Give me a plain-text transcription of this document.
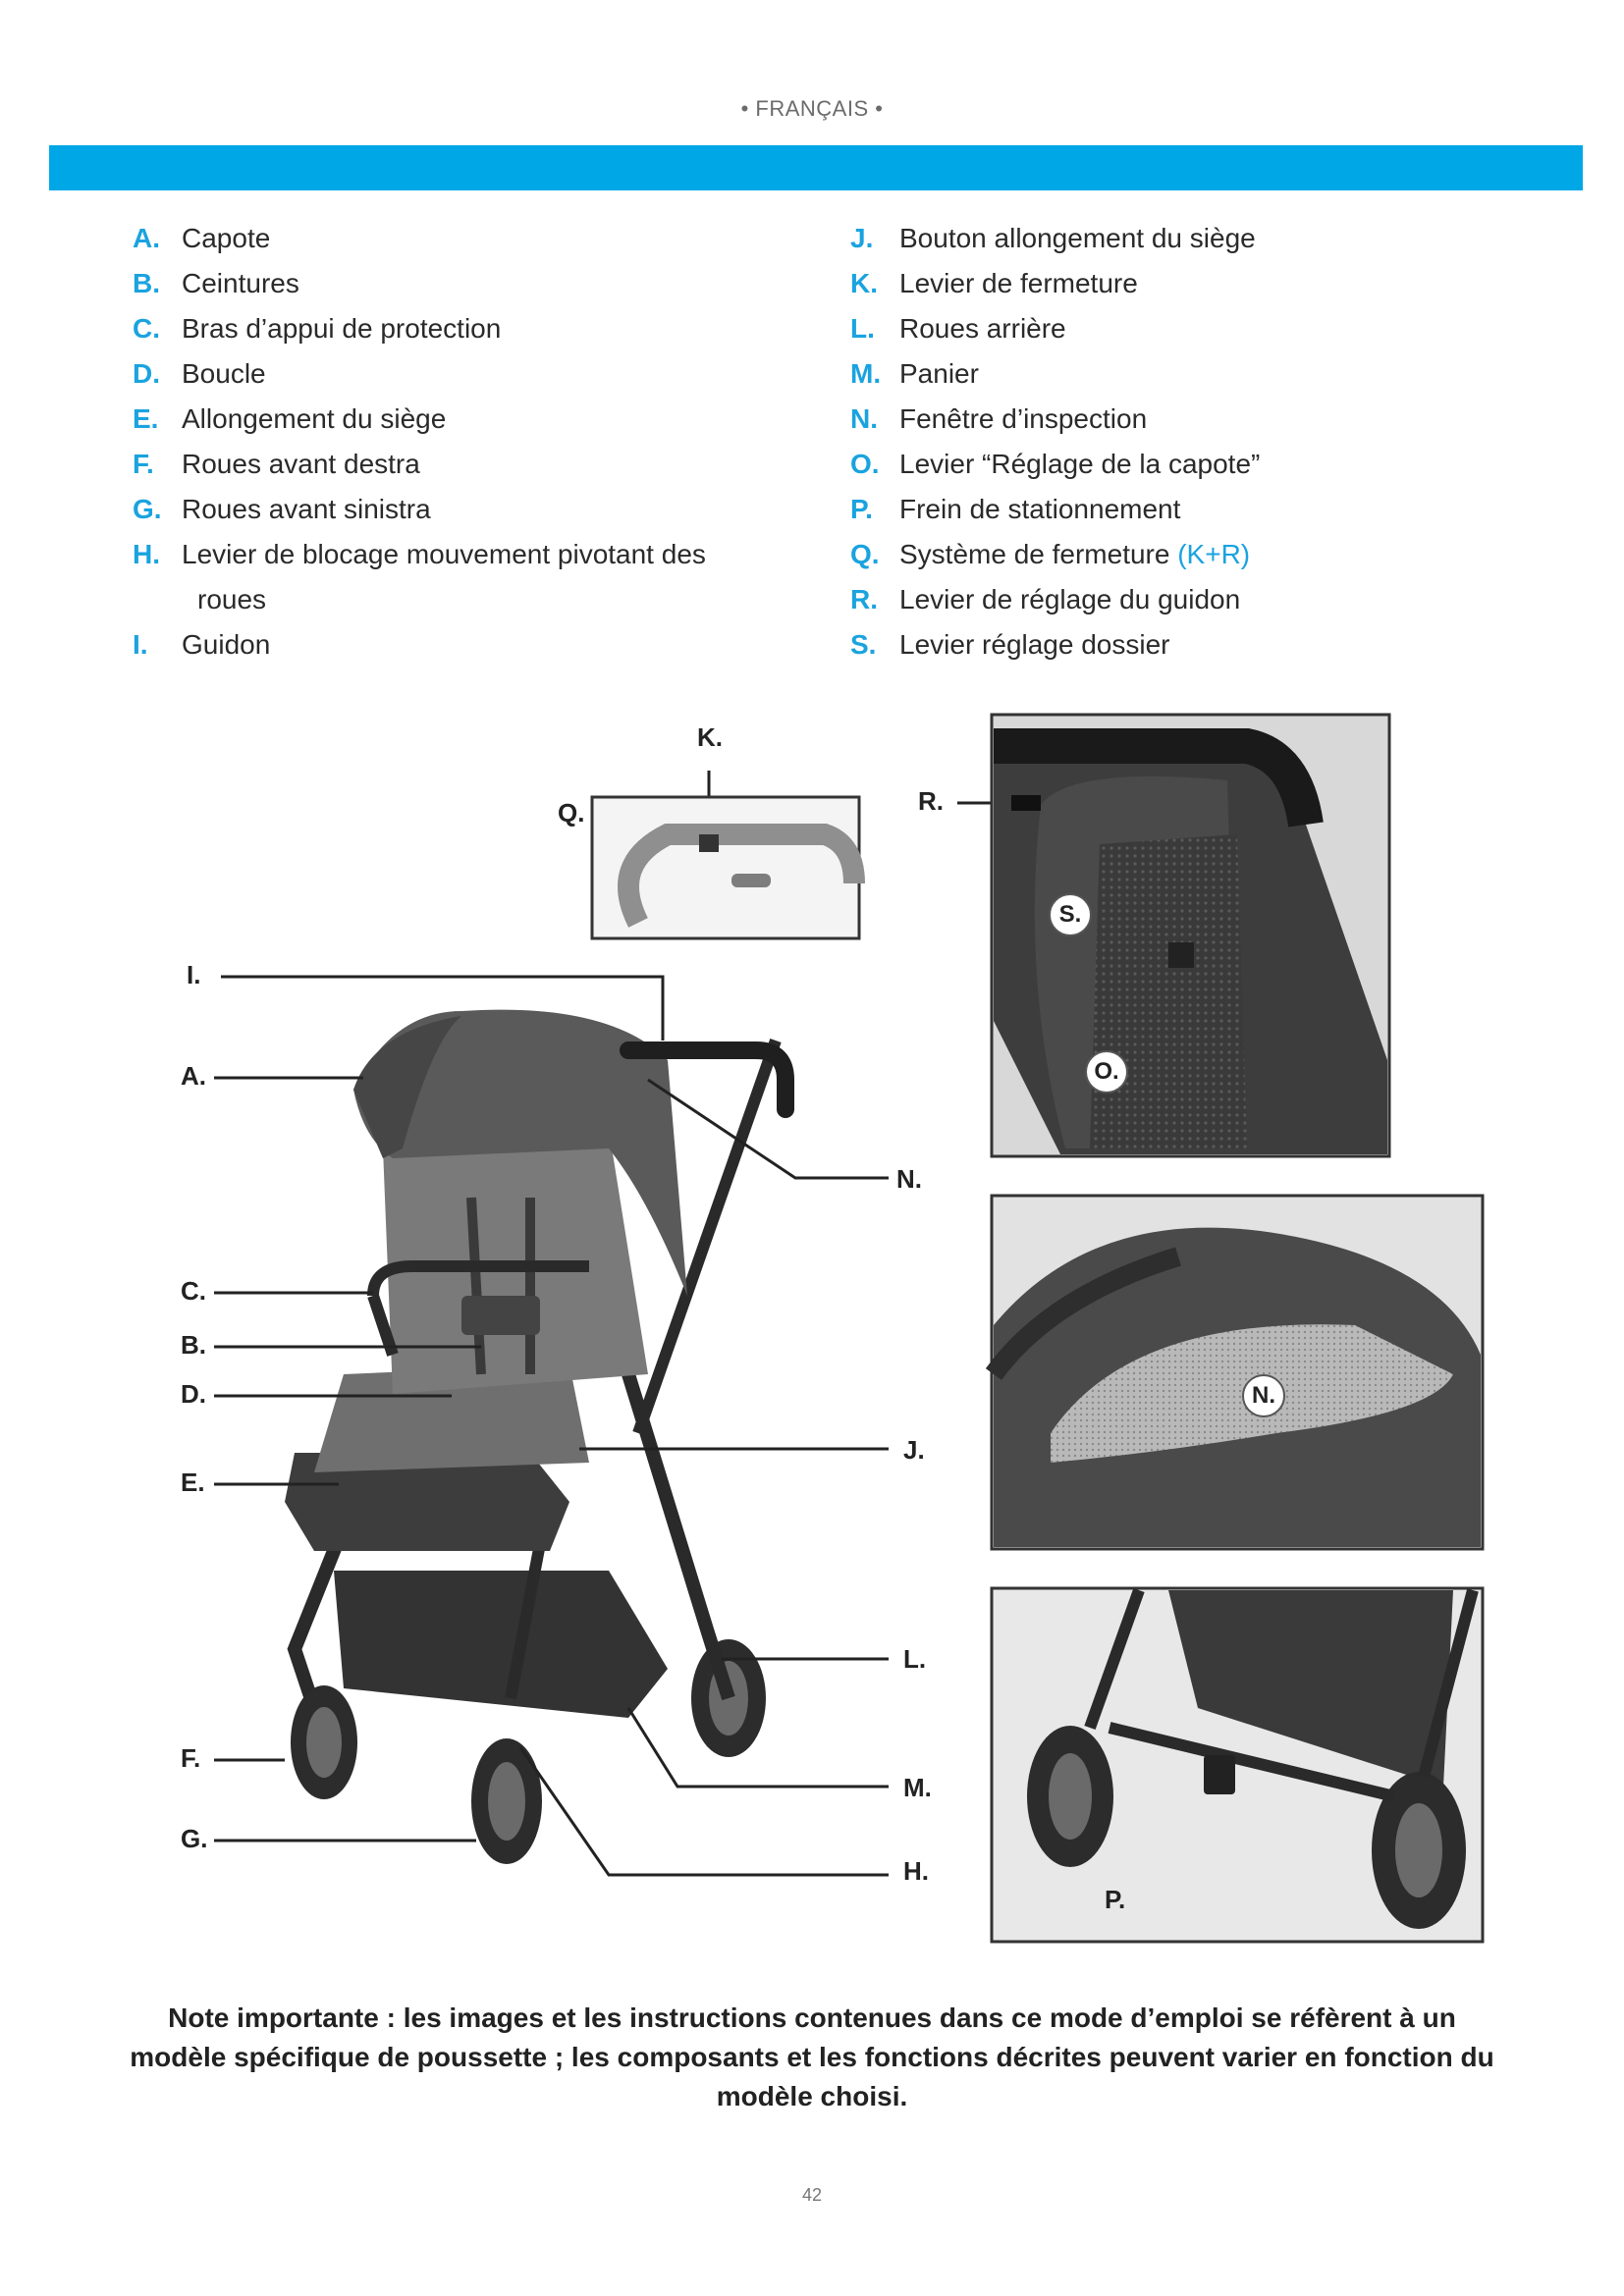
• FRANÇAIS •
A. Capote
B. Ceintures
C. Bras d’appui de protection
D. Boucle
E. Allongement du siège
F. Roues avant destra
G. Roues avant sinistra
H. Levier de blocage mouvement pivotant des
roues
I. Guidon
J. Bouton allongement du siège
K. Levier de fermeture
L. Roues arrière
M. Panier
N. Fenêtre d’inspection
O. Levier “Réglage de la capote”
P. Frein de stationnement
Q. Système de fermeture (K+R)
R. Levier de réglage du guidon
S. Levier réglage dossier
K.
Q.
I.
A.
C.
B.
D.
E.
F.
G.
N.
J.
L.
M.
H.
R.
S.
O.
N.
P.
Note importante : les images et les instructions contenues dans ce mode d’emploi se réfèrent à un modèle spécifique de poussette ; les composants et les fonctions décrites peuvent varier en fonction du modèle choisi.
42
